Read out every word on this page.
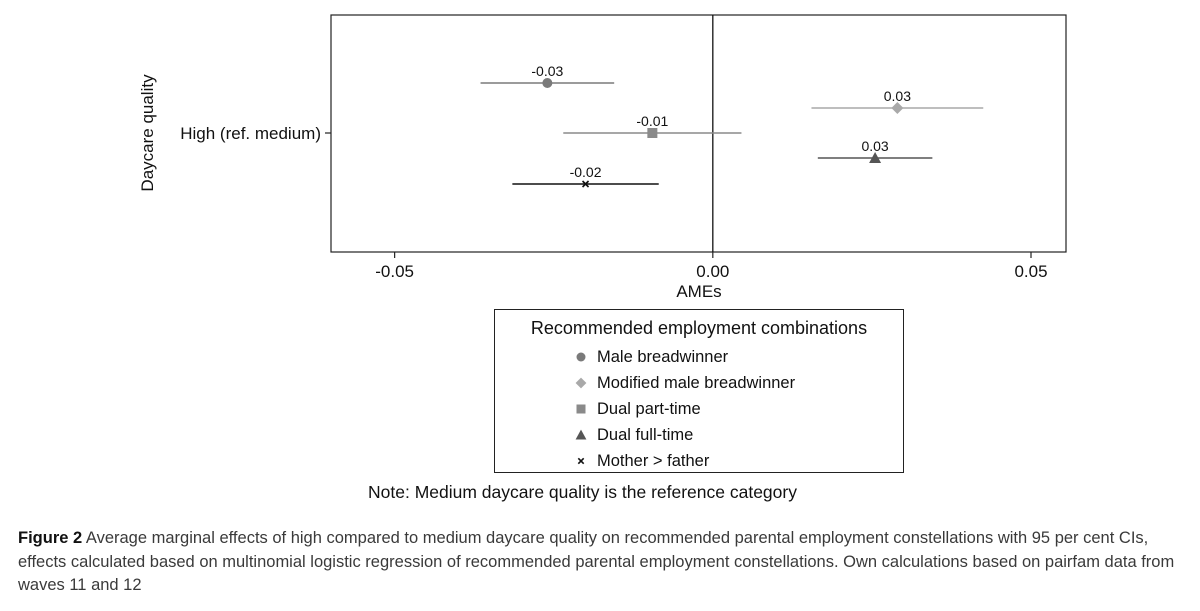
-0.05	0.00	0.05
High (ref. medium)
Daycare quality
AMEs
-0.03
0.03
-0.01
0.03
-0.02
Recommended employment combinations
Male breadwinner
Modified male breadwinner
Dual part-time
Dual full-time
Mother > father
Note: Medium daycare quality is the reference category
Figure 2 Average marginal effects of high compared to medium daycare quality on recommended parental employment constellations with 95 per cent CIs, effects calculated based on multinomial logistic regression of recommended parental employment constellations. Own calculations based on pairfam data from waves 11 and 12
